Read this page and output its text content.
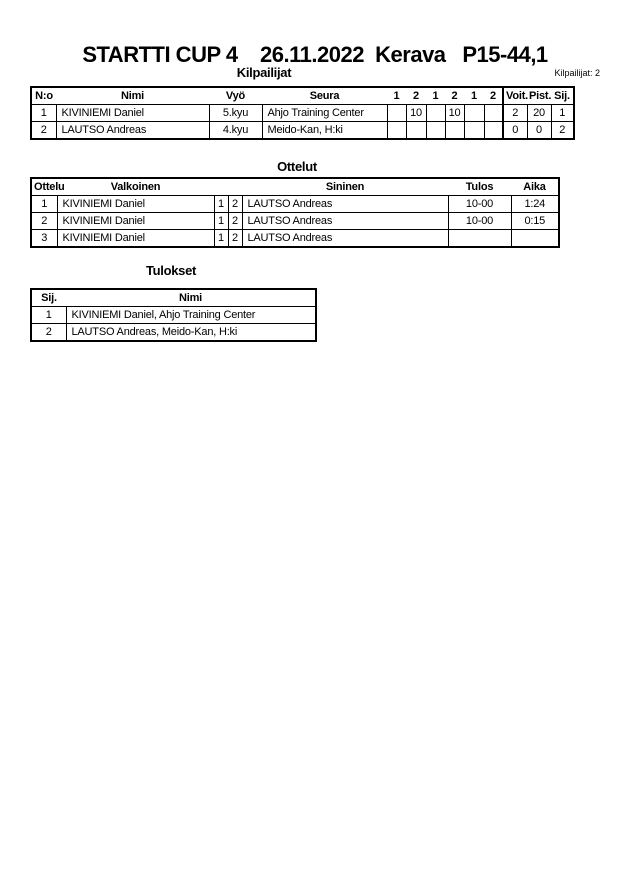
STARTTI CUP 4    26.11.2022  Kerava   P15-44,1
Kilpailijat	Kilpailijat: 2
N:o	Nimi	Vyö	Seura	1	2	1	2	1	2	Voit.	Pist.	Sij.
1	KIVINIEMI Daniel	5.kyu	Ahjo Training Center		10		10			2	20	1
2	LAUTSO Andreas	4.kyu	Meido-Kan, H:ki							0	0	2
Ottelut
Ottelu	Valkoinen			Sininen	Tulos	Aika
1	KIVINIEMI Daniel	1	2	LAUTSO Andreas	10-00	1:24
2	KIVINIEMI Daniel	1	2	LAUTSO Andreas	10-00	0:15
3	KIVINIEMI Daniel	1	2	LAUTSO Andreas		
Tulokset
Sij.	Nimi
1	KIVINIEMI Daniel, Ahjo Training Center
2	LAUTSO Andreas, Meido-Kan, H:ki
